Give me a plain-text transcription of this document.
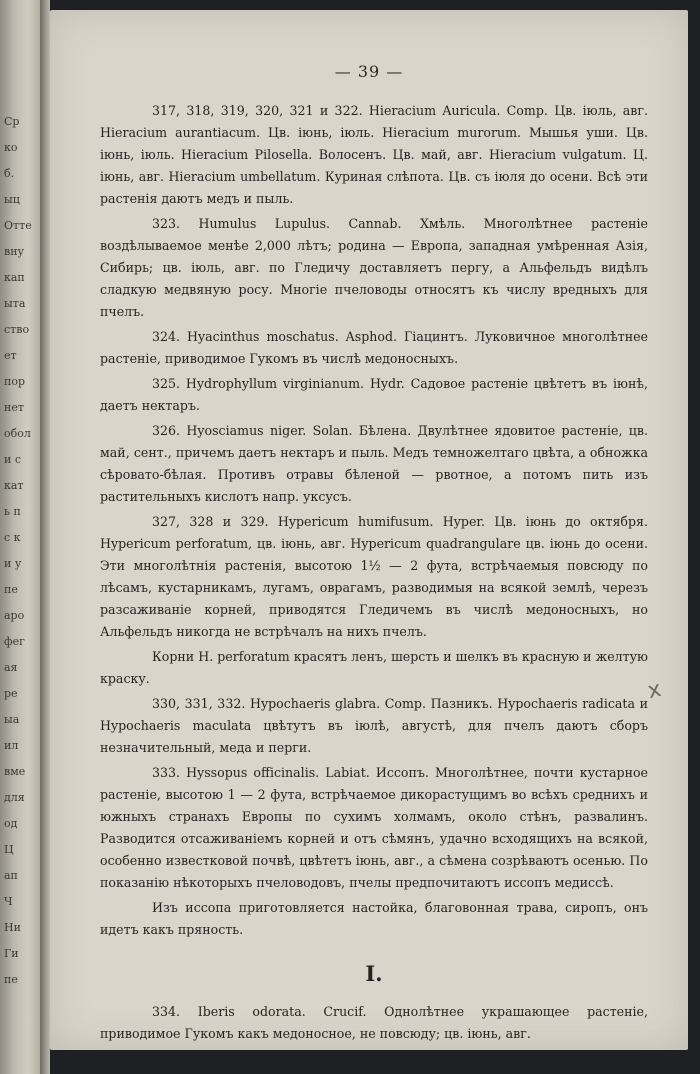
Ср
ко
б.
ыц
Отте
вну
кап
ыта
ство
ет
пор
нет
обол
и с
кат
ь п
с к
и у
пе
аро
фег
ая
ре
ыа
ил
вме
для
од
Ц
ап
Ч
Ни
Ги
пе
— 39 —

317, 318, 319, 320, 321 и 322. Hieracium Auricula. Comp. Цв. іюль, авг. Hieracium aurantiacum. Цв. іюнь, іюль. Hieracium murorum. Мышья уши. Цв. іюнь, іюль. Hieracium Pilosella. Волосенъ. Цв. май, авг. Hieracium vulgatum. Ц. іюнь, авг. Hieracium umbellatum. Куриная слѣпота. Цв. съ іюля до осени. Всѣ эти растенія даютъ медъ и пыль.

323. Humulus Lupulus. Cannab. Хмѣль. Многолѣтнее растеніе воздѣлываемое менѣе 2,000 лѣтъ; родина — Европа, западная умѣренная Азія, Сибирь; цв. іюль, авг. по Гледичу доставляетъ пергу, а Альфельдъ видѣлъ сладкую медвяную росу. Многіе пчеловоды относятъ къ числу вредныхъ для пчелъ.

324. Hyacinthus moschatus. Asphod. Гіацинтъ. Луковичное многолѣтнее растеніе, приводимое Гукомъ въ числѣ медоносныхъ.

325. Hydrophyllum virginianum. Hydr. Садовое растеніе цвѣтетъ въ іюнѣ, даетъ нектаръ.

326. Hyosciamus niger. Solan. Бѣлена. Двулѣтнее ядовитое растеніе, цв. май, сент., причемъ даетъ нектаръ и пыль. Медъ темножелтаго цвѣта, а обножка сѣровато-бѣлая. Противъ отравы бѣленой — рвотное, а потомъ пить изъ растительныхъ кислотъ напр. уксусъ.

327, 328 и 329. Hypericum humifusum. Hyper. Цв. іюнь до октября. Hypericum perforatum, цв. іюнь, авг. Hypericum quadrangulare цв. іюнь до осени. Эти многолѣтнія растенія, высотою 1½ — 2 фута, встрѣчаемыя повсюду по лѣсамъ, кустарникамъ, лугамъ, оврагамъ, разводимыя на всякой землѣ, черезъ разсаживаніе корней, приводятся Гледичемъ въ числѣ медоносныхъ, но Альфельдъ никогда не встрѣчалъ на нихъ пчелъ.

Корни H. perforatum красятъ ленъ, шерсть и шелкъ въ красную и желтую краску.

330, 331, 332. Hypochaeris glabra. Comp. Пазникъ. Hypochaeris radicata и Hypochaeris maculata цвѣтутъ въ іюлѣ, августѣ, для пчелъ даютъ сборъ незначительный, меда и перги.

333. Hyssopus officinalis. Labiat. Иссопъ. Многолѣтнее, почти кустарное растеніе, высотою 1 — 2 фута, встрѣчаемое дикорастущимъ во всѣхъ среднихъ и южныхъ странахъ Европы по сухимъ холмамъ, около стѣнъ, развалинъ. Разводится отсаживаніемъ корней и отъ сѣмянъ, удачно всходящихъ на всякой, особенно известковой почвѣ, цвѣтетъ іюнь, авг., а сѣмена созрѣваютъ осенью. По показанію нѣкоторыхъ пчеловодовъ, пчелы предпочитаютъ иссопъ медиссѣ.

Изъ иссопа приготовляется настойка, благовонная трава, сиропъ, онъ идетъ какъ пряность.

I.

334. Iberis odorata. Crucif. Однолѣтнее украшающее растеніе, приводимое Гукомъ какъ медоносное, не повсюду; цв. іюнь, авг.

x
